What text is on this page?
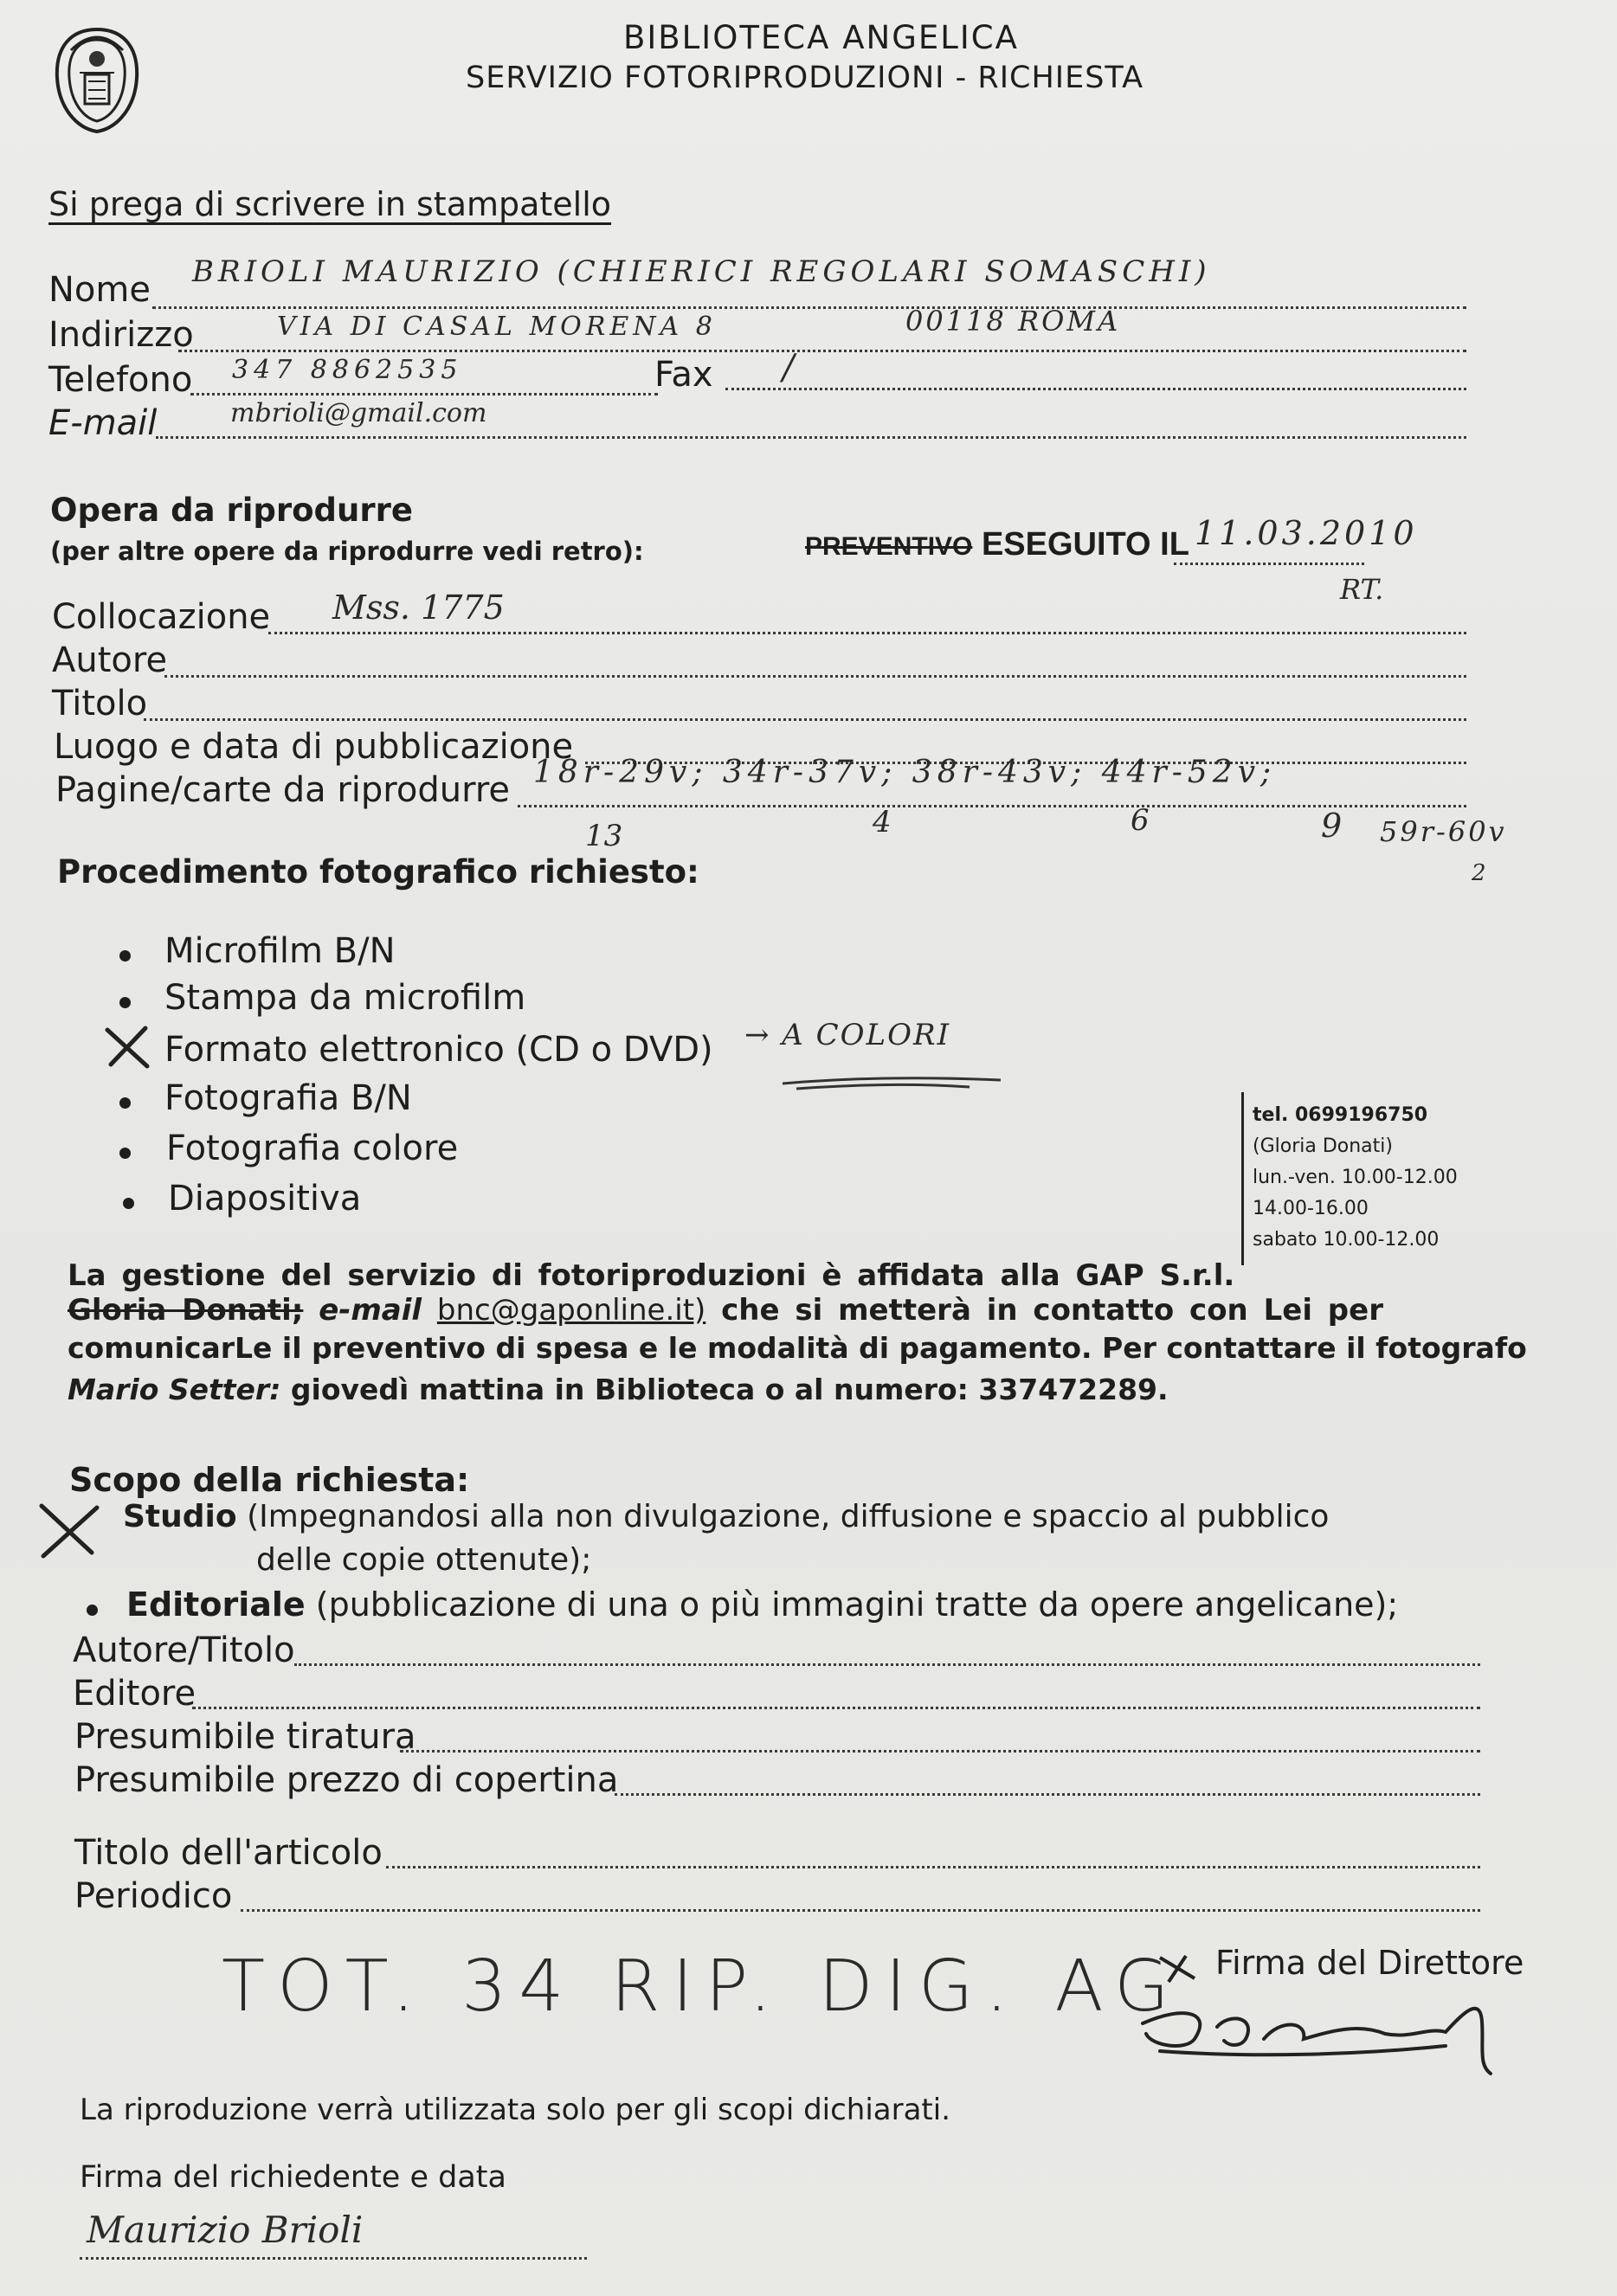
BIBLIOTECA ANGELICA
SERVIZIO FOTORIPRODUZIONI - RICHIESTA
Si prega di scrivere in stampatello
Nome BRIOLI MAURIZIO (CHIERICI REGOLARI SOMASCHI)
Indirizzo	VIA DI CASAL MORENA 8	00118 ROMA
Telefono 347 8862535	Fax /
E-mail	mbrioli@gmail.com
Opera da riprodurre
(per altre opere da riprodurre vedi retro):	PREVENTIVO ESEGUITO IL 11.03.2010
RT.
Collocazione Mss. 1775
Autore
Titolo
Luogo e data di pubblicazione
Pagine/carte da riprodurre 18r-29v; 34r-37v; 38r-43v; 44r-52v;
13	4	6	9 59r-60v
2
Procedimento fotografico richiesto:
Microfilm B/N
Stampa da microfilm
Formato elettronico (CD o DVD) → A COLORI
Fotografia B/N
Fotografia colore
Diapositiva
tel. 0699196750
(Gloria Donati)
lun.-ven. 10.00-12.00
14.00-16.00
sabato 10.00-12.00
La gestione del servizio di fotoriproduzioni è affidata alla GAP S.r.l.
Gloria Donati; e-mail bnc@gaponline.it) che si metterà in contatto con Lei per
comunicarLe il preventivo di spesa e le modalità di pagamento. Per contattare il fotografo
Mario Setter: giovedì mattina in Biblioteca o al numero: 337472289.
Scopo della richiesta:
Studio (Impegnandosi alla non divulgazione, diffusione e spaccio al pubblico
delle copie ottenute);
Editoriale (pubblicazione di una o più immagini tratte da opere angelicane);
Autore/Titolo
Editore
Presumibile tiratura
Presumibile prezzo di copertina
Titolo dell'articolo
Periodico
TOT. 34 RIP. DIG. AG Firma del Direttore
La riproduzione verrà utilizzata solo per gli scopi dichiarati.
Firma del richiedente e data
Maurizio Brioli
